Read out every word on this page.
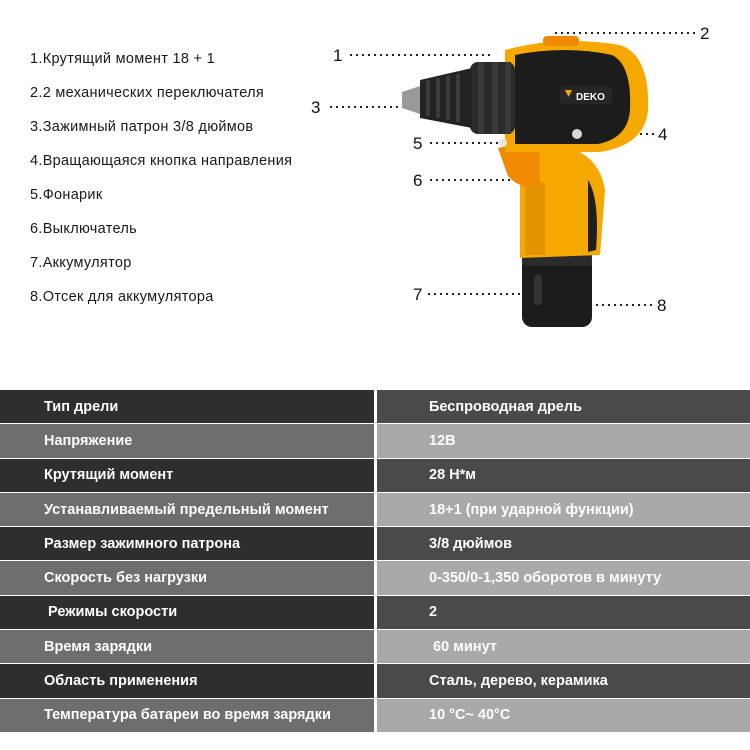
1.Крутящий момент 18 + 1
2.2 механических переключателя
3.Зажимный патрон 3/8 дюймов
4.Вращающаяся кнопка направления
5.Фонарик
6.Выключатель
7.Аккумулятор
8.Отсек для аккумулятора
DEKO
1
2
3
4
5
6
7
8
Тип дрели	Беспроводная дрель
Напряжение	12В
Крутящий момент	28 Н*м
Устанавливаемый предельный момент	18+1 (при ударной функции)
Размер зажимного патрона	3/8 дюймов
Скорость без нагрузки	0-350/0-1,350 оборотов в минуту
Режимы скорости	2
Время зарядки	60 минут
Область применения	Сталь, дерево, керамика
Температура батареи во время зарядки	10 °C~ 40°C
